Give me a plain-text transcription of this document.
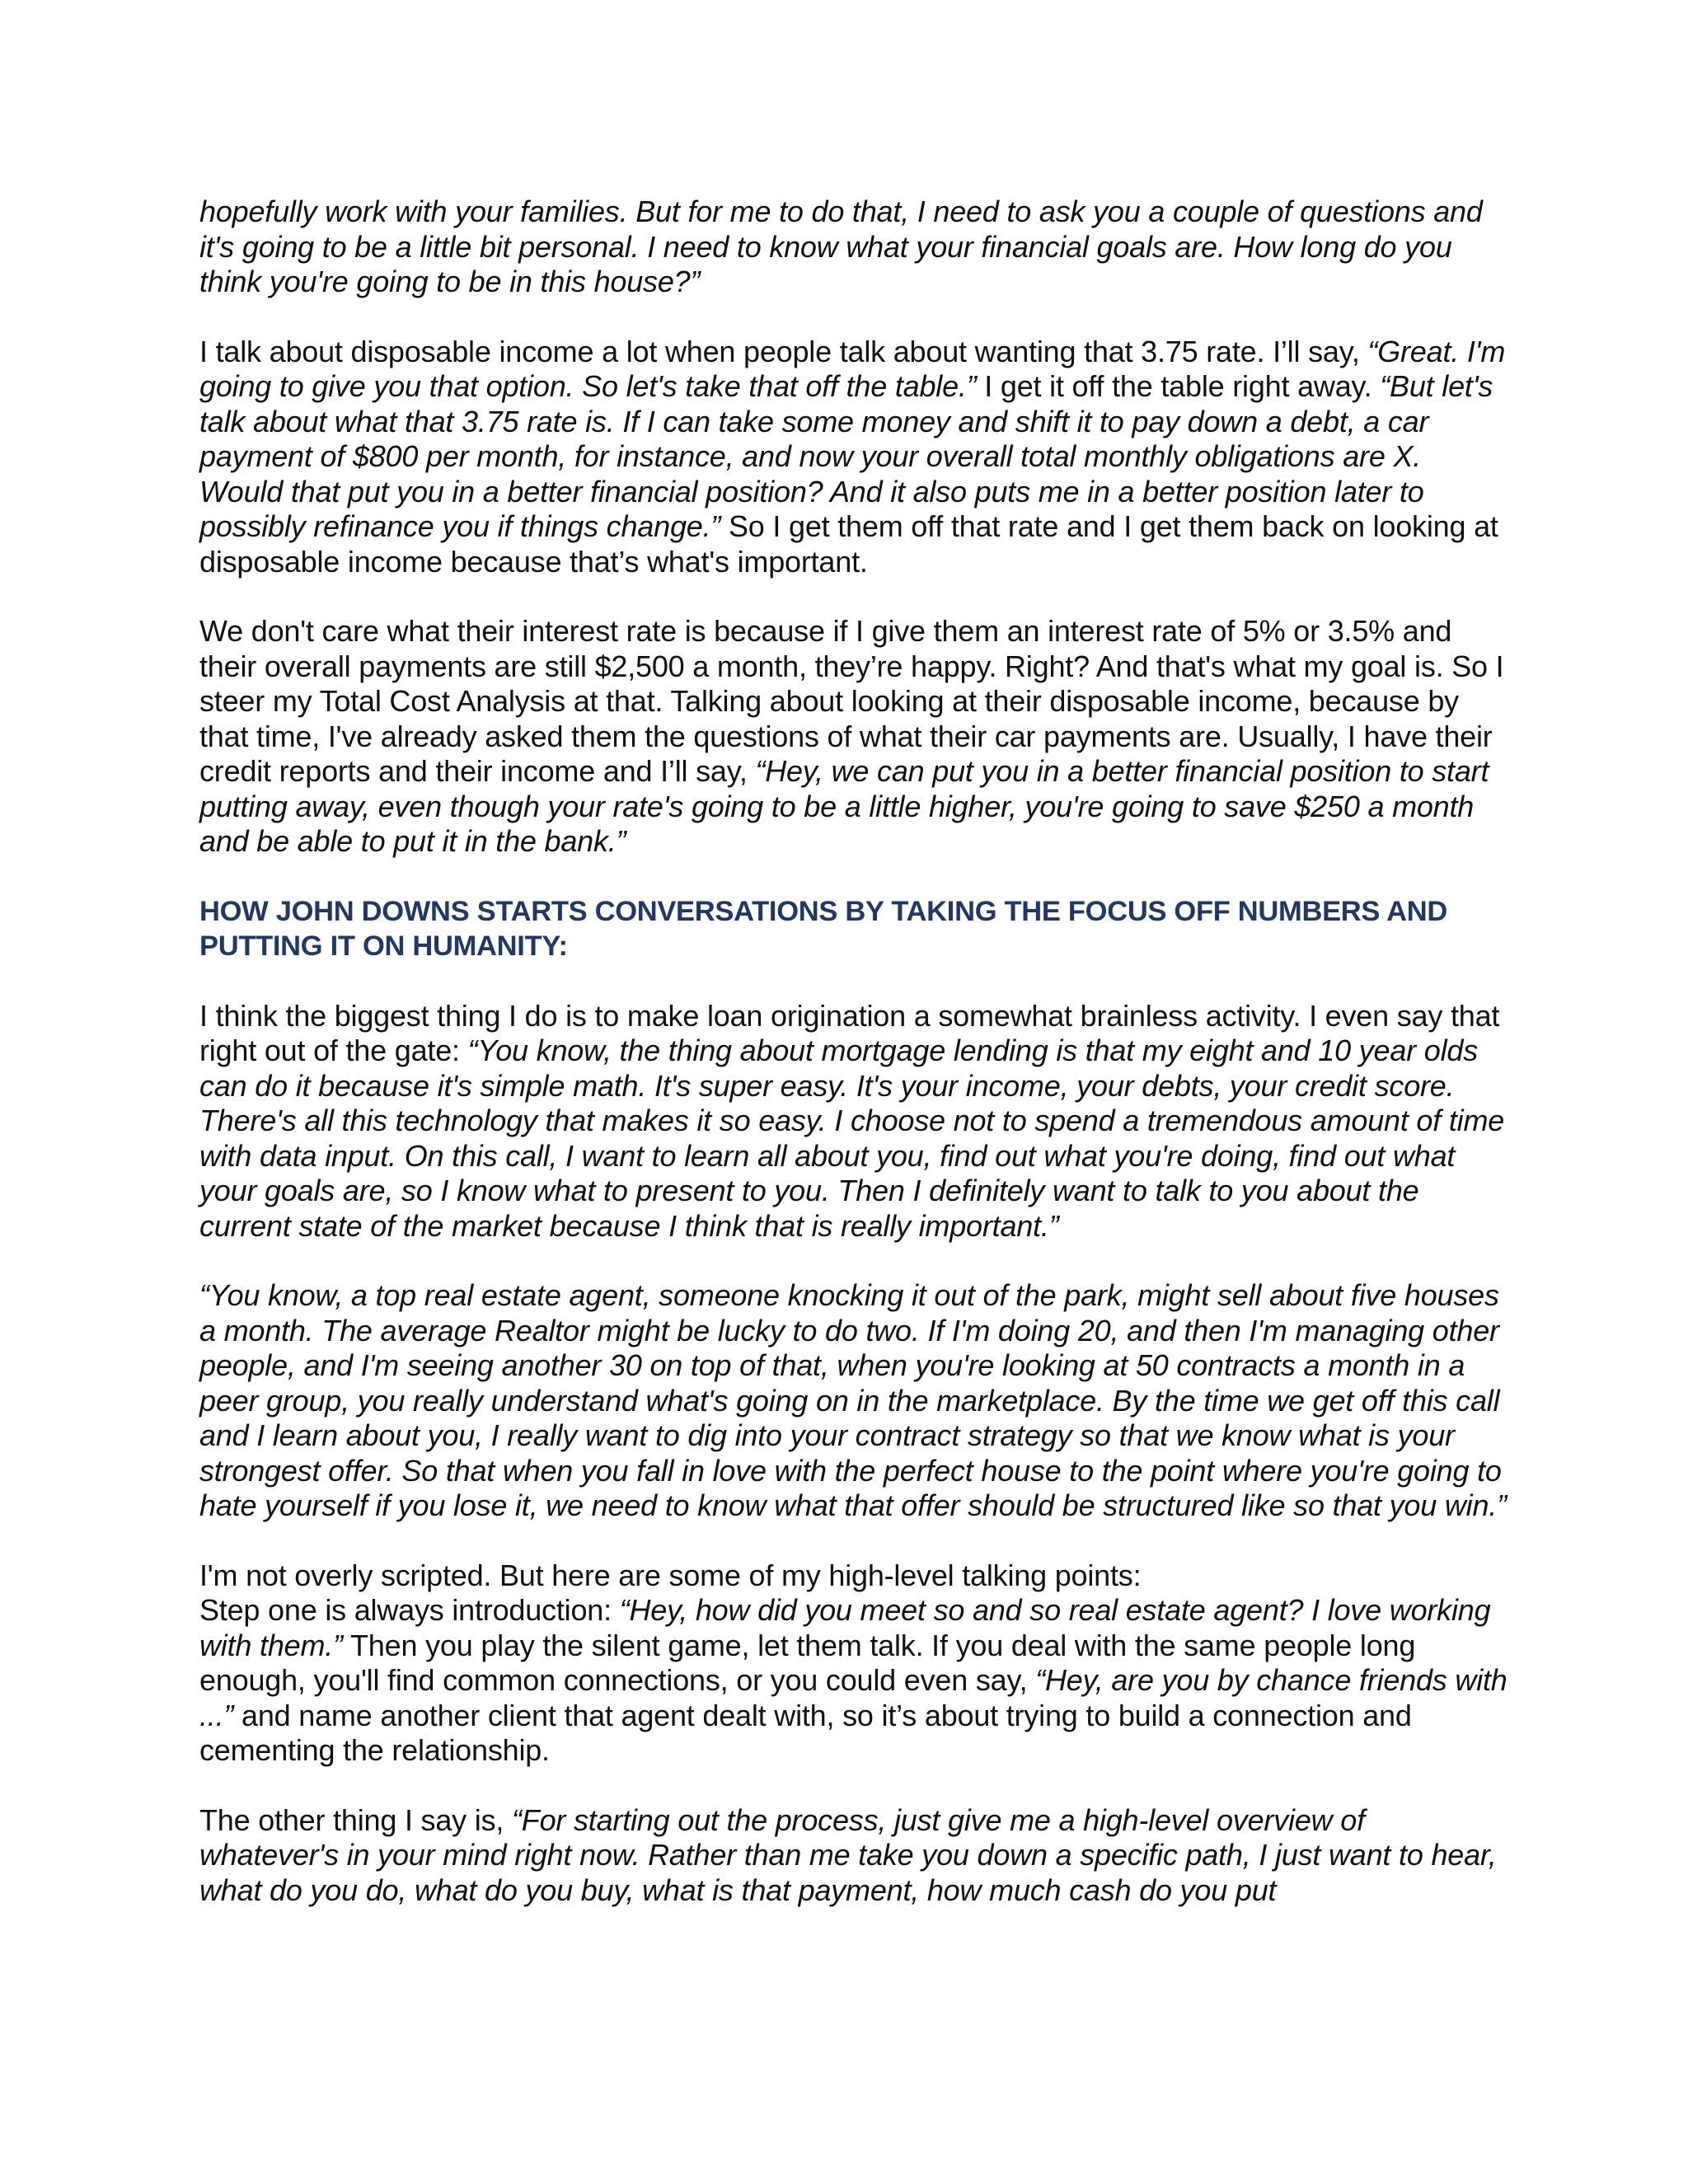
hopefully work with your families. But for me to do that, I need to ask you a couple of questions and it's going to be a little bit personal. I need to know what your financial goals are. How long do you think you're going to be in this house?”

I talk about disposable income a lot when people talk about wanting that 3.75 rate. I’ll say, “Great. I'm going to give you that option. So let's take that off the table.” I get it off the table right away. “But let's talk about what that 3.75 rate is. If I can take some money and shift it to pay down a debt, a car payment of $800 per month, for instance, and now your overall total monthly obligations are X. Would that put you in a better financial position? And it also puts me in a better position later to possibly refinance you if things change.” So I get them off that rate and I get them back on looking at disposable income because that’s what's important.

We don't care what their interest rate is because if I give them an interest rate of 5% or 3.5% and their overall payments are still $2,500 a month, they’re happy. Right? And that's what my goal is. So I steer my Total Cost Analysis at that. Talking about looking at their disposable income, because by that time, I've already asked them the questions of what their car payments are. Usually, I have their credit reports and their income and I’ll say, “Hey, we can put you in a better financial position to start putting away, even though your rate's going to be a little higher, you're going to save $250 a month and be able to put it in the bank.”

HOW JOHN DOWNS STARTS CONVERSATIONS BY TAKING THE FOCUS OFF NUMBERS AND PUTTING IT ON HUMANITY:

I think the biggest thing I do is to make loan origination a somewhat brainless activity. I even say that right out of the gate: “You know, the thing about mortgage lending is that my eight and 10 year olds can do it because it's simple math. It's super easy. It's your income, your debts, your credit score. There's all this technology that makes it so easy. I choose not to spend a tremendous amount of time with data input. On this call, I want to learn all about you, find out what you're doing, find out what your goals are, so I know what to present to you. Then I definitely want to talk to you about the current state of the market because I think that is really important.”

“You know, a top real estate agent, someone knocking it out of the park, might sell about five houses a month. The average Realtor might be lucky to do two. If I'm doing 20, and then I'm managing other people, and I'm seeing another 30 on top of that, when you're looking at 50 contracts a month in a peer group, you really understand what's going on in the marketplace. By the time we get off this call and I learn about you, I really want to dig into your contract strategy so that we know what is your strongest offer. So that when you fall in love with the perfect house to the point where you're going to hate yourself if you lose it, we need to know what that offer should be structured like so that you win.”

I'm not overly scripted. But here are some of my high-level talking points:

Step one is always introduction: “Hey, how did you meet so and so real estate agent? I love working with them.” Then you play the silent game, let them talk. If you deal with the same people long enough, you'll find common connections, or you could even say, “Hey, are you by chance friends with ...” and name another client that agent dealt with, so it’s about trying to build a connection and cementing the relationship.

The other thing I say is, “For starting out the process, just give me a high-level overview of whatever's in your mind right now. Rather than me take you down a specific path, I just want to hear, what do you do, what do you buy, what is that payment, how much cash do you put
